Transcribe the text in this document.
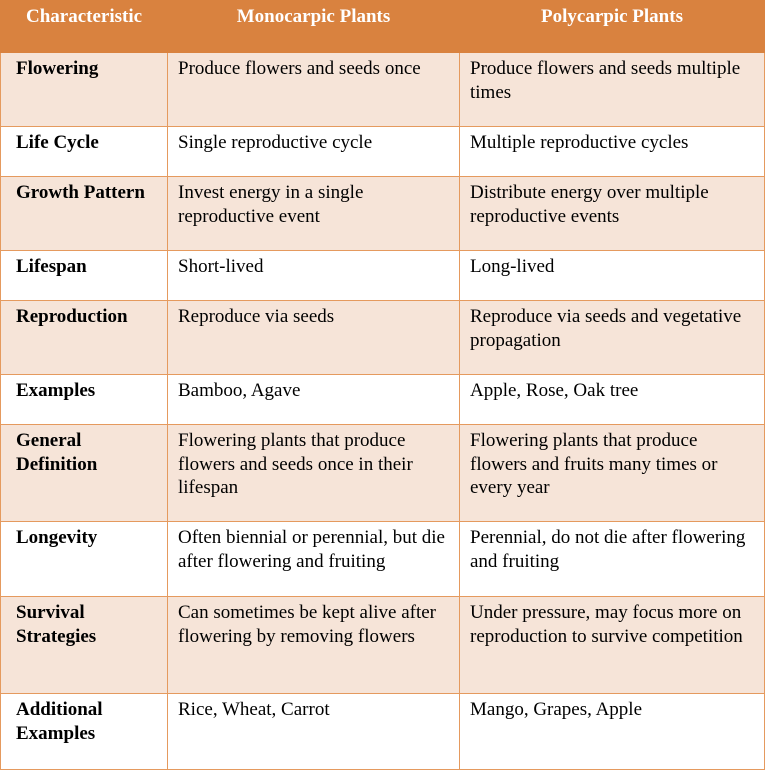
Characteristic	Monocarpic Plants	Polycarpic Plants
Flowering	Produce flowers and seeds once	Produce flowers and seeds multiple times
Life Cycle	Single reproductive cycle	Multiple reproductive cycles
Growth Pattern	Invest energy in a single reproductive event	Distribute energy over multiple reproductive events
Lifespan	Short-lived	Long-lived
Reproduction	Reproduce via seeds	Reproduce via seeds and vegetative propagation
Examples	Bamboo, Agave	Apple, Rose, Oak tree
General Definition	Flowering plants that produce flowers and seeds once in their lifespan	Flowering plants that produce flowers and fruits many times or every year
Longevity	Often biennial or perennial, but die after flowering and fruiting	Perennial, do not die after flowering and fruiting
Survival Strategies	Can sometimes be kept alive after flowering by removing flowers	Under pressure, may focus more on reproduction to survive competition
Additional Examples	Rice, Wheat, Carrot	Mango, Grapes, Apple
